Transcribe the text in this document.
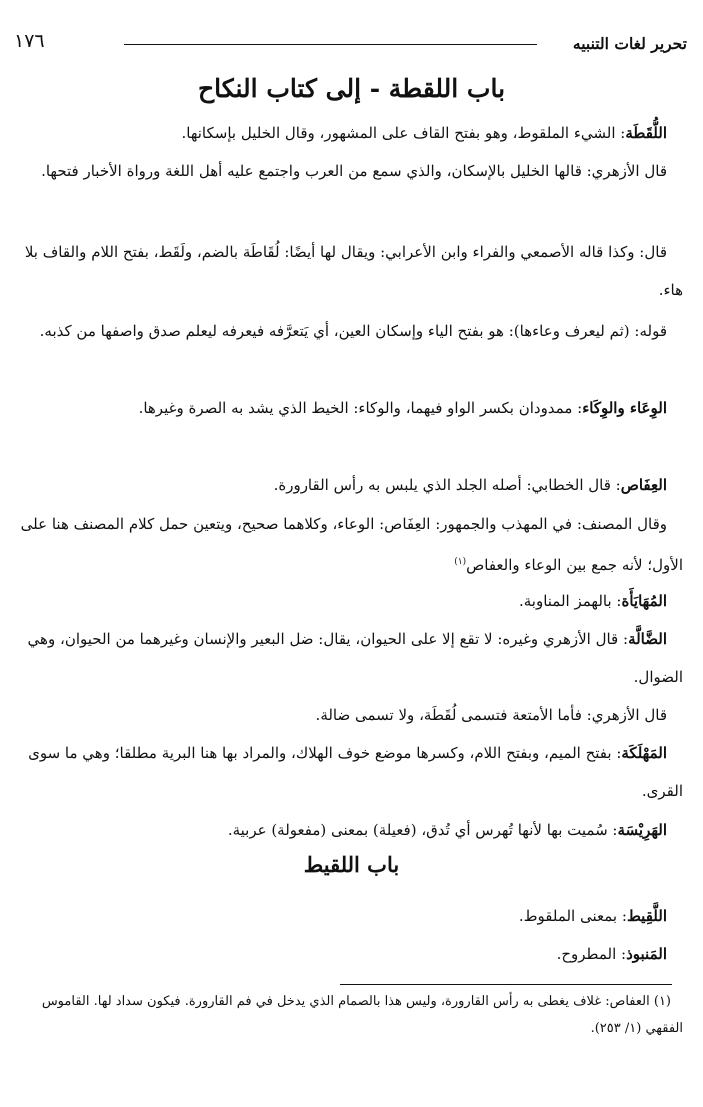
تحرير لغات التنبيه
١٧٦
باب اللقطة - إلى كتاب النكاح
اللُّقَطَة: الشيء الملقوط، وهو بفتح القاف على المشهور، وقال الخليل بإسكانها.
قال الأزهري: قالها الخليل بالإسكان، والذي سمع من العرب واجتمع عليه أهل اللغة ورواة الأخبار فتحها.
قال: وكذا قاله الأصمعي والفراء وابن الأعرابي: ويقال لها أيضًا: لُقَاطَة بالضم، ولَقَط، بفتح اللام والقاف بلا هاء.
قوله: (ثم ليعرف وعاءها): هو بفتح الياء وإسكان العين، أي يَتعرَّفه فيعرفه ليعلم صدق واصفها من كذبه.
الوِعَاء والوِكَاء: ممدودان بكسر الواو فيهما، والوكاء: الخيط الذي يشد به الصرة وغيرها.
العِفَاص: قال الخطابي: أصله الجلد الذي يلبس به رأس القارورة.
وقال المصنف: في المهذب والجمهور: العِفَاص: الوعاء، وكلاهما صحيح، ويتعين حمل كلام المصنف هنا على الأول؛ لأنه جمع بين الوعاء والعفاص$^{(١)}$
المُهَايَأَة: بالهمز المناوبة.
الضَّالَّة: قال الأزهري وغيره: لا تقع إلا على الحيوان، يقال: ضل البعير والإنسان وغيرهما من الحيوان، وهي الضوال.
قال الأزهري: فأما الأمتعة فتسمى لُقَطَة، ولا تسمى ضالة.
المَهْلَكَة: بفتح الميم، وبفتح اللام، وكسرها موضع خوف الهلاك، والمراد بها هنا البرية مطلقا؛ وهي ما سوى القرى.
الهَرِيْسَة: سُميت بها لأنها تُهرس أي تُدق، (فعيلة) بمعنى (مفعولة) عربية.
باب اللقيط
اللَّقِيط: بمعنى الملقوط.
المَنبوذ: المطروح.
(١) العفاص: غلاف يغطى به رأس القارورة، وليس هذا بالصمام الذي يدخل في فم القارورة. فيكون سداد لها. القاموس الفقهي (١/ ٢٥٣).
